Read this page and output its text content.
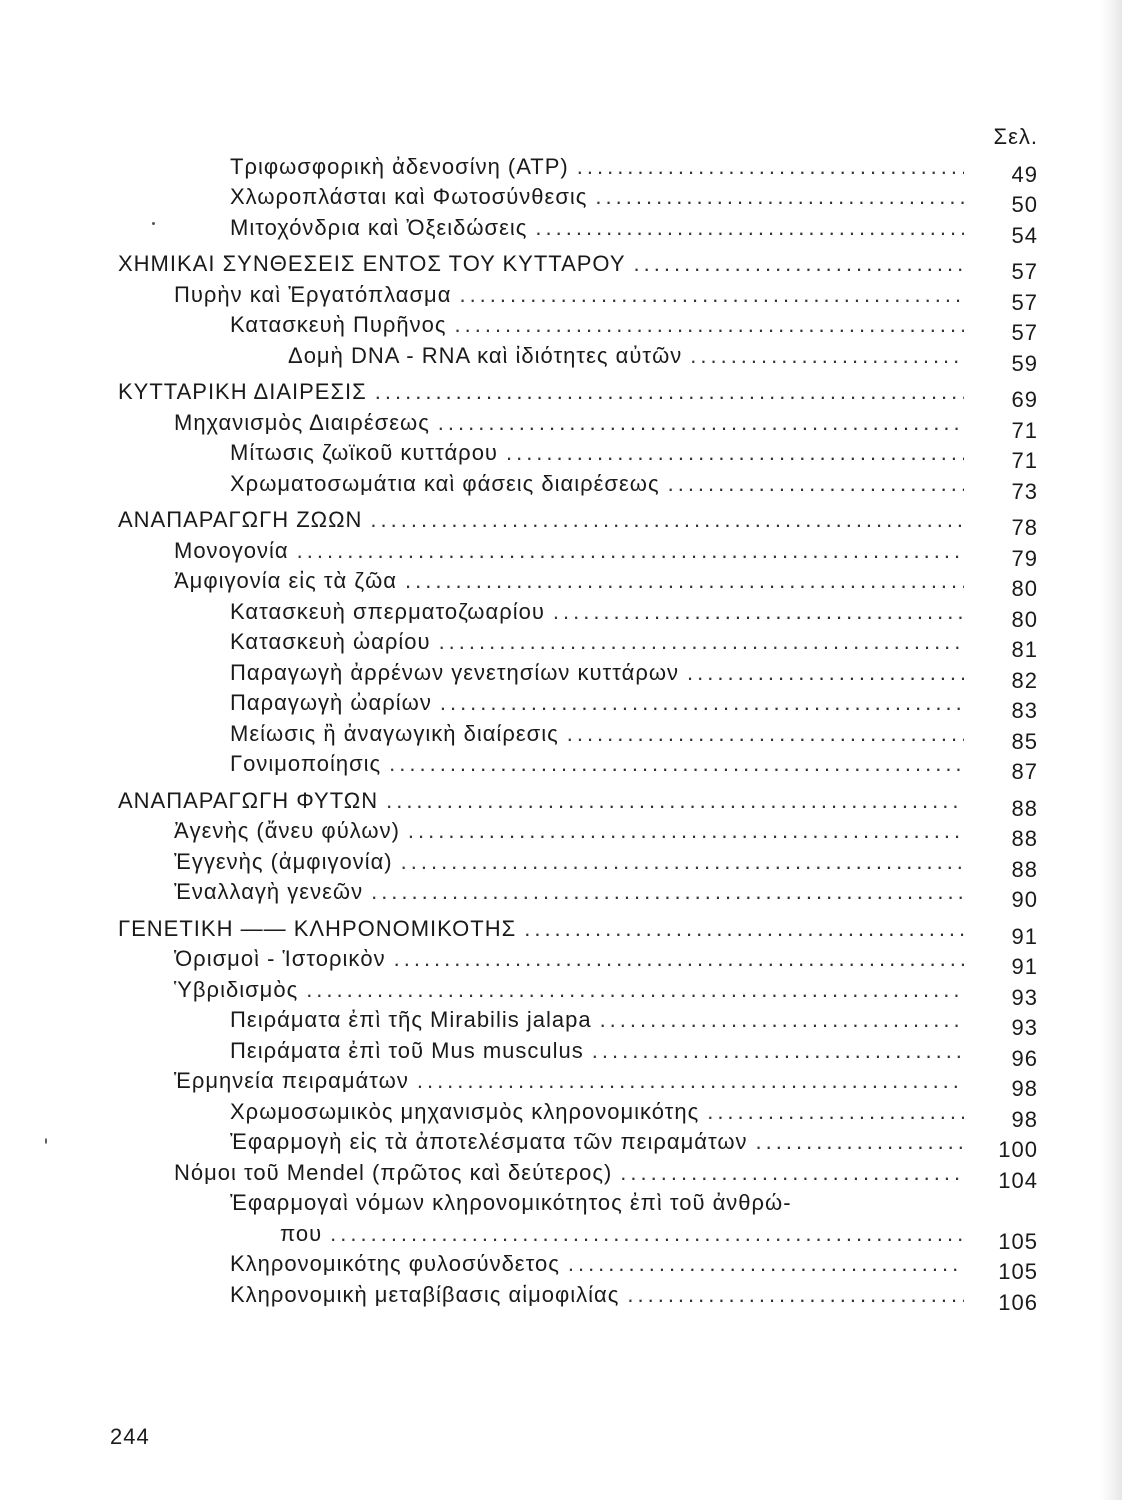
Σελ.
Τριφωσφορικὴ ἀδενοσίνη (ΑΤΡ) .....	49
Χλωροπλάσται καὶ Φωτοσύνθεσις .....	50
Μιτοχόνδρια καὶ Ὀξειδώσεις .....	54
ΧΗΜΙΚΑΙ ΣΥΝΘΕΣΕΙΣ ΕΝΤΟΣ ΤΟΥ ΚΥΤΤΑΡΟΥ .....	57
Πυρὴν καὶ Ἐργατόπλασμα .....	57
Κατασκευὴ Πυρῆνος .....	57
Δομὴ DNA - RNA καὶ ἰδιότητες αὐτῶν .....	59
ΚΥΤΤΑΡΙΚΗ ΔΙΑΙΡΕΣΙΣ .....	69
Μηχανισμὸς Διαιρέσεως .....	71
Μίτωσις ζωϊκοῦ κυττάρου .....	71
Χρωματοσωμάτια καὶ φάσεις διαιρέσεως .....	73
ΑΝΑΠΑΡΑΓΩΓΗ ΖΩΩΝ .....	78
Μονογονία .....	79
Ἀμφιγονία εἰς τὰ ζῶα .....	80
Κατασκευὴ σπερματοζωαρίου .....	80
Κατασκευὴ ὠαρίου .....	81
Παραγωγὴ ἀρρένων γενετησίων κυττάρων .....	82
Παραγωγὴ ὠαρίων .....	83
Μείωσις ἢ ἀναγωγικὴ διαίρεσις .....	85
Γονιμοποίησις .....	87
ΑΝΑΠΑΡΑΓΩΓΗ ΦΥΤΩΝ .....	88
Ἀγενὴς (ἄνευ φύλων) .....	88
Ἐγγενὴς (ἀμφιγονία) .....	88
Ἐναλλαγὴ γενεῶν .....	90
ΓΕΝΕΤΙΚΗ —— ΚΛΗΡΟΝΟΜΙΚΟΤΗΣ .....	91
Ὁρισμοὶ - Ἱστορικὸν .....	91
Ὑβριδισμὸς .....	93
Πειράματα ἐπὶ τῆς Mirabilis jalapa .....	93
Πειράματα ἐπὶ τοῦ Mus musculus .....	96
Ἑρμηνεία πειραμάτων .....	98
Χρωμοσωμικὸς μηχανισμὸς κληρονομικότης .....	98
Ἐφαρμογὴ εἰς τὰ ἀποτελέσματα τῶν πειραμάτων .....	100
Νόμοι τοῦ Mendel (πρῶτος καὶ δεύτερος) .....	104
Ἐφαρμογαὶ νόμων κληρονομικότητος ἐπὶ τοῦ ἀνθρώ-
που .....	105
Κληρονομικότης φυλοσύνδετος .....	105
Κληρονομικὴ μεταβίβασις αἱμοφιλίας .....	106
244
